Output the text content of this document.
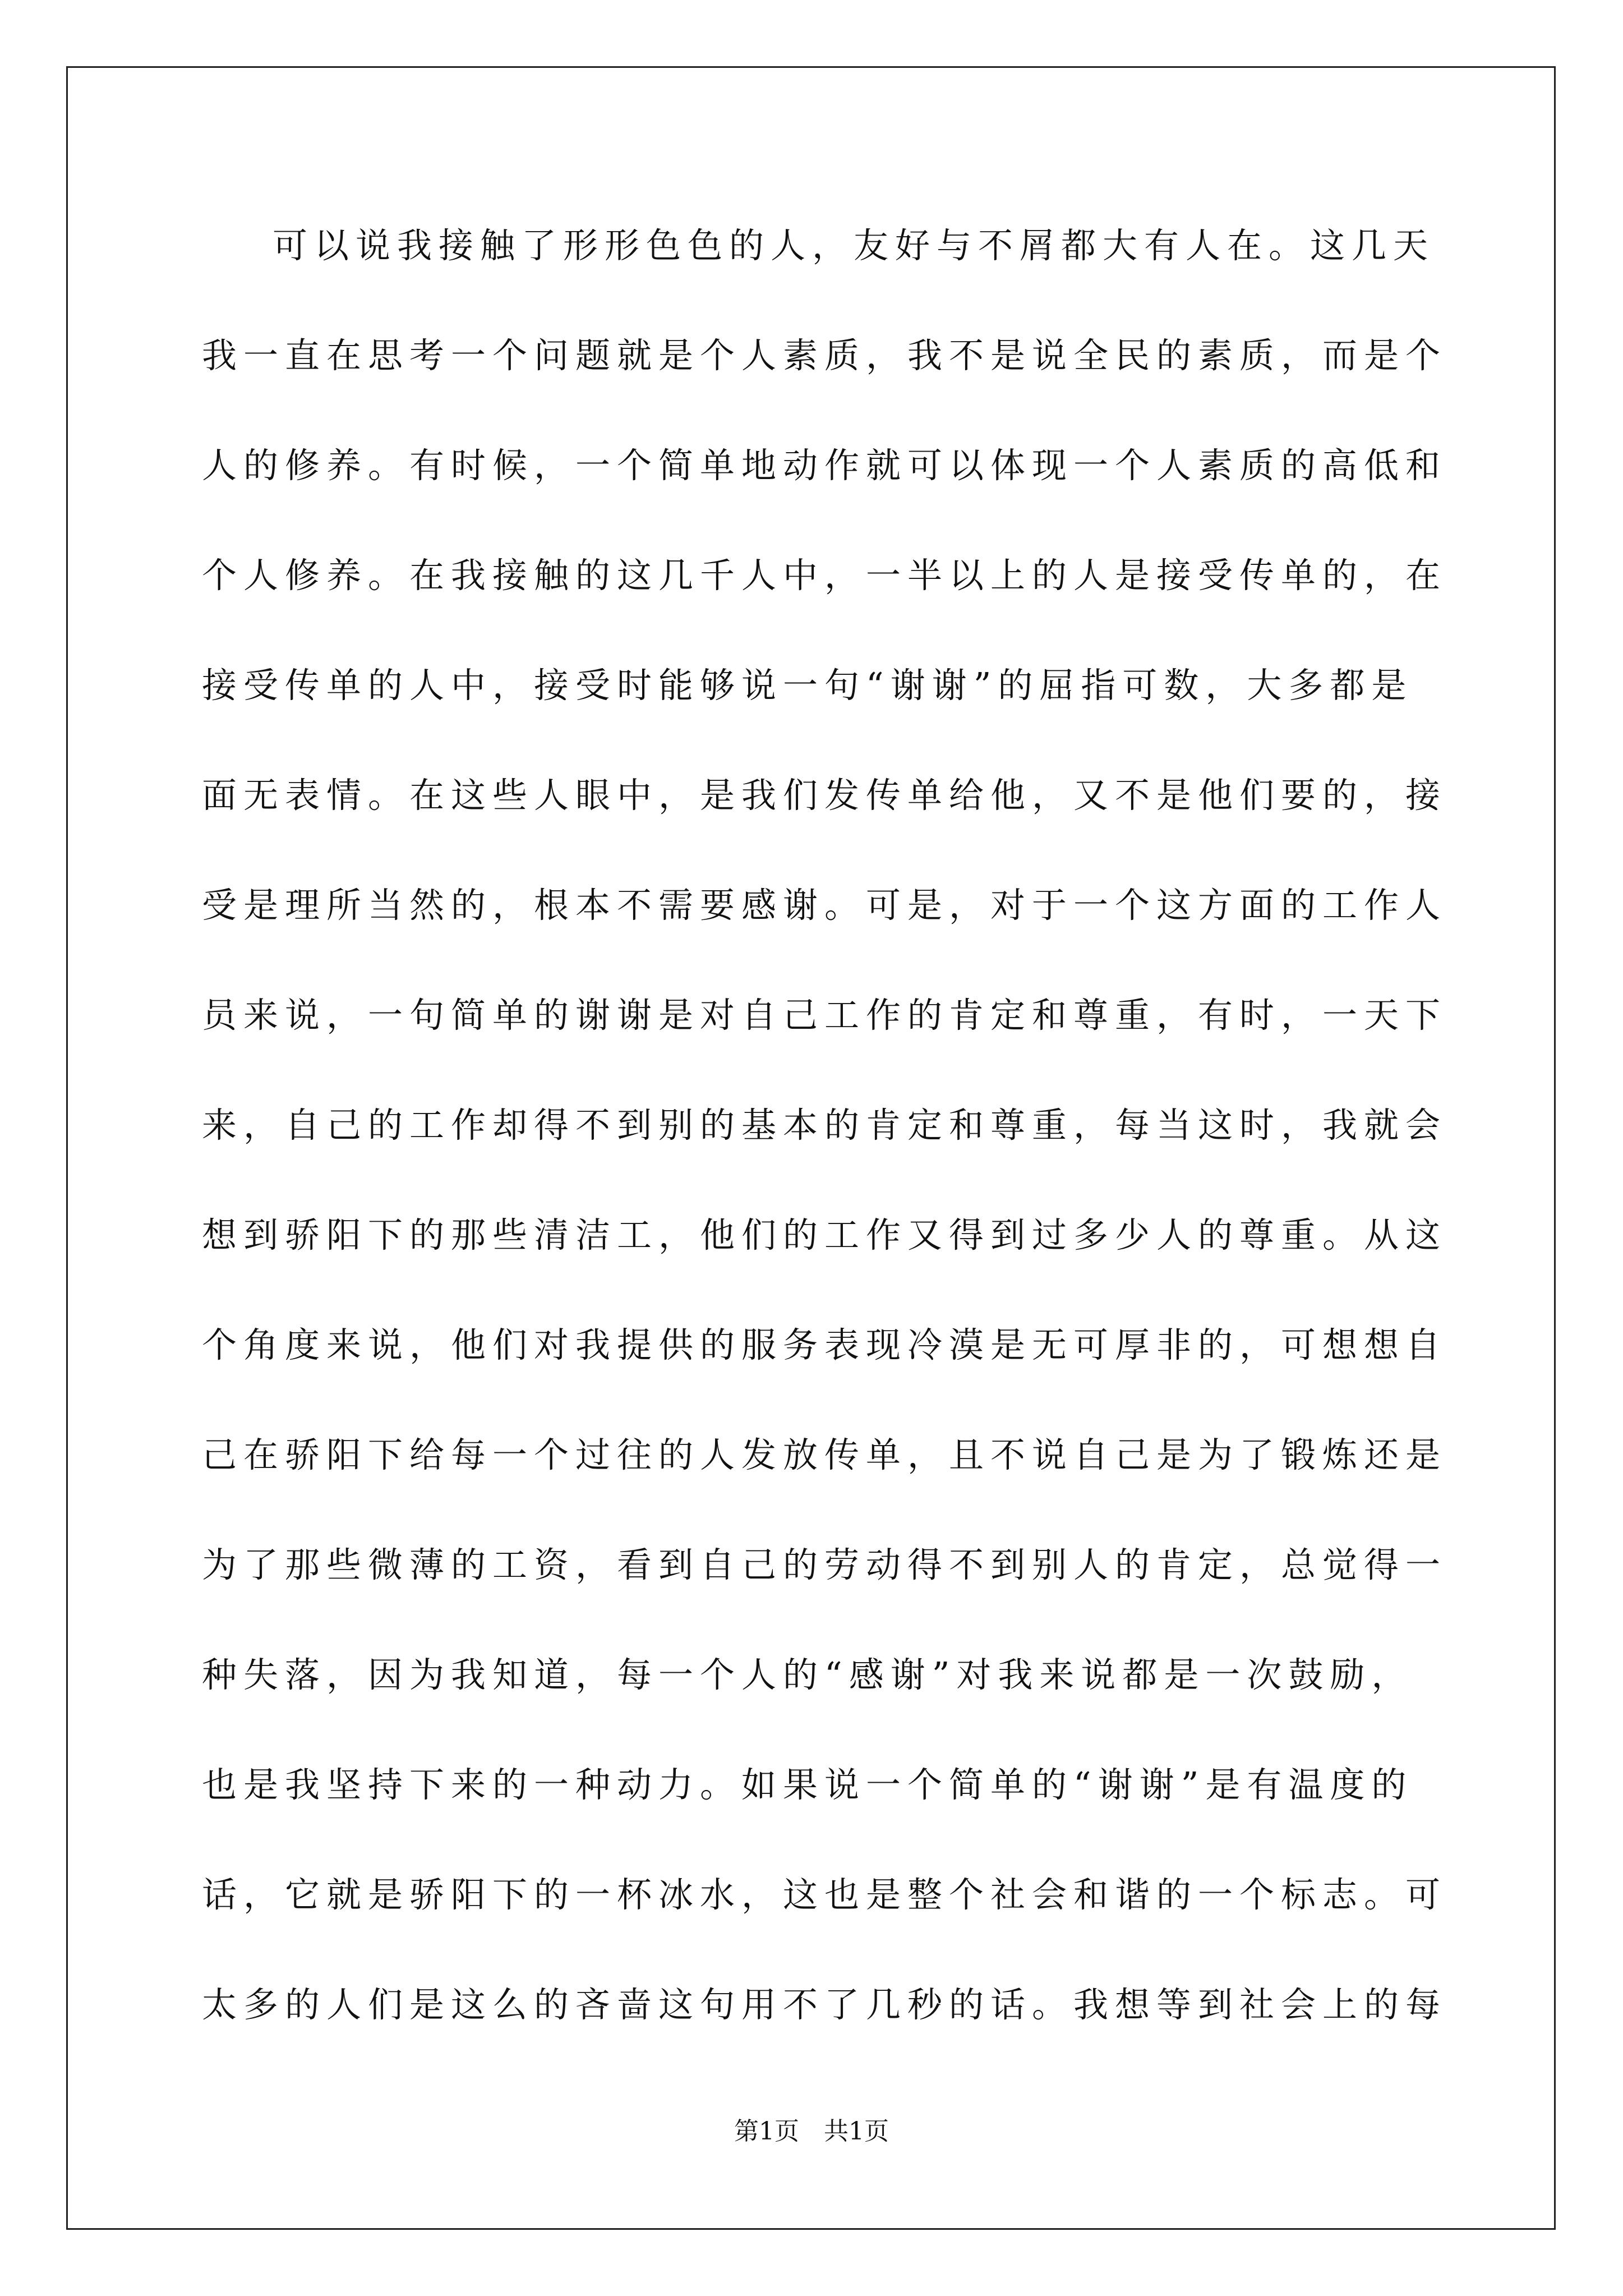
可以说我接触了形形色色的人，友好与不屑都大有人在。这几天
我一直在思考一个问题就是个人素质，我不是说全民的素质，而是个
人的修养。有时候，一个简单地动作就可以体现一个人素质的高低和
个人修养。在我接触的这几千人中，一半以上的人是接受传单的，在
接受传单的人中，接受时能够说一句“谢谢”的屈指可数，大多都是
面无表情。在这些人眼中，是我们发传单给他，又不是他们要的，接
受是理所当然的，根本不需要感谢。可是，对于一个这方面的工作人
员来说，一句简单的谢谢是对自己工作的肯定和尊重，有时，一天下
来，自己的工作却得不到别的基本的肯定和尊重，每当这时，我就会
想到骄阳下的那些清洁工，他们的工作又得到过多少人的尊重。从这
个角度来说，他们对我提供的服务表现冷漠是无可厚非的，可想想自
己在骄阳下给每一个过往的人发放传单，且不说自己是为了锻炼还是
为了那些微薄的工资，看到自己的劳动得不到别人的肯定，总觉得一
种失落，因为我知道，每一个人的“感谢”对我来说都是一次鼓励，
也是我坚持下来的一种动力。如果说一个简单的“谢谢”是有温度的
话，它就是骄阳下的一杯冰水，这也是整个社会和谐的一个标志。可
太多的人们是这么的吝啬这句用不了几秒的话。我想等到社会上的每
第1页　共1页
